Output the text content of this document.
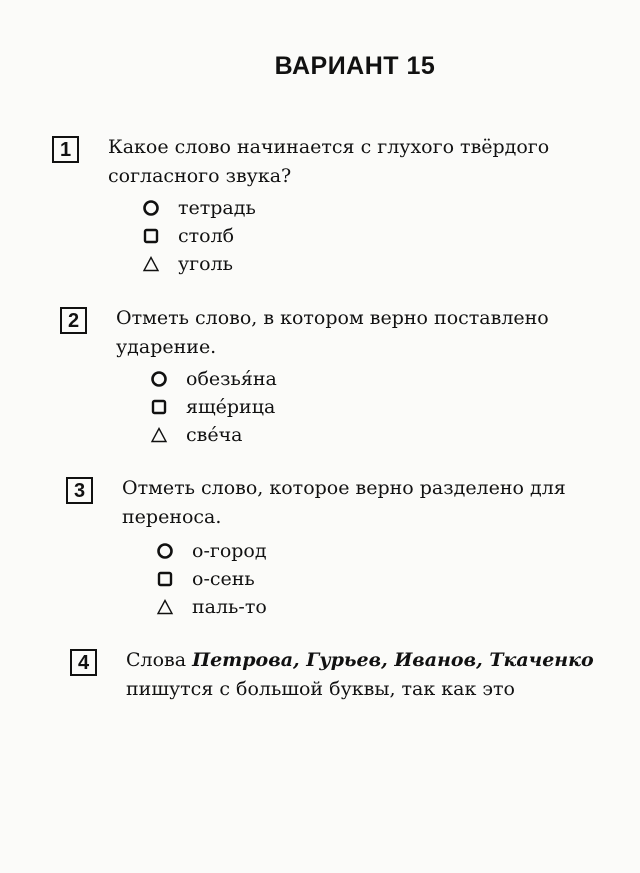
ВАРИАНТ 15
1	Какое слово начинается с глухого твёрдого согласного звука?
тетрадь
столб
уголь
2	Отметь слово, в котором верно поставлено ударение.
обезья́на
яще́рица
све́ча
3	Отметь слово, которое верно разделено для переноса.
о-город
о-сень
паль-то
4	Слова Петрова, Гурьев, Иванов, Ткаченко пишутся с большой буквы, так как это
